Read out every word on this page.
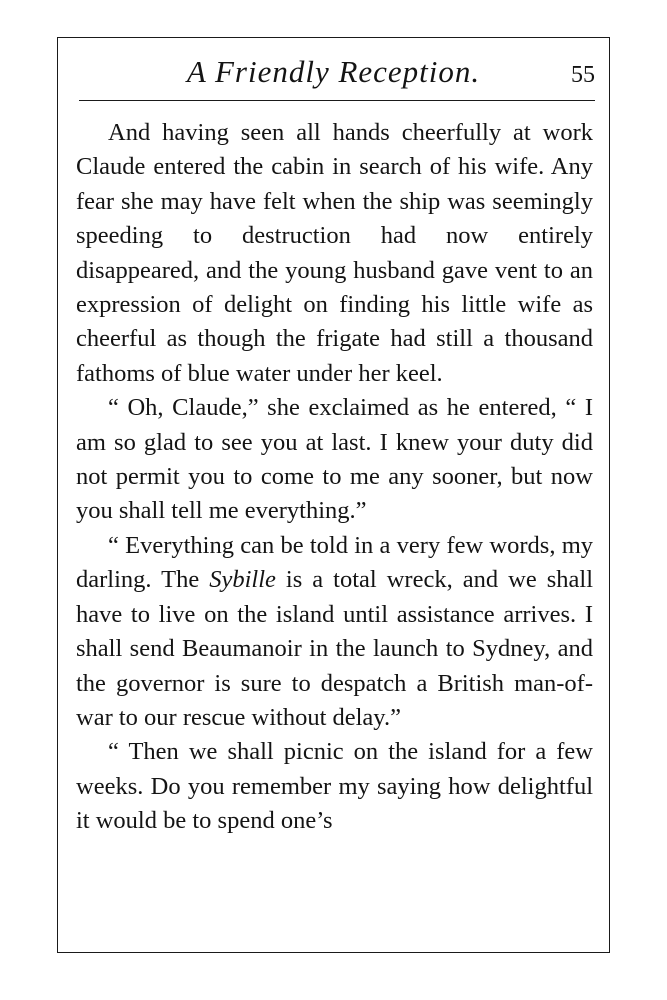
A Friendly Reception.	55

And having seen all hands cheerfully at work Claude entered the cabin in search of his wife. Any fear she may have felt when the ship was seemingly speeding to destruction had now entirely disappeared, and the young husband gave vent to an expression of delight on finding his little wife as cheerful as though the frigate had still a thousand fathoms of blue water under her keel.

“ Oh, Claude,” she exclaimed as he entered, “ I am so glad to see you at last. I knew your duty did not permit you to come to me any sooner, but now you shall tell me everything.”

“ Everything can be told in a very few words, my darling. The Sybille is a total wreck, and we shall have to live on the island until assistance arrives. I shall send Beaumanoir in the launch to Sydney, and the governor is sure to despatch a British man-of-war to our rescue without delay.”

“ Then we shall picnic on the island for a few weeks. Do you remember my saying how delightful it would be to spend one’s
